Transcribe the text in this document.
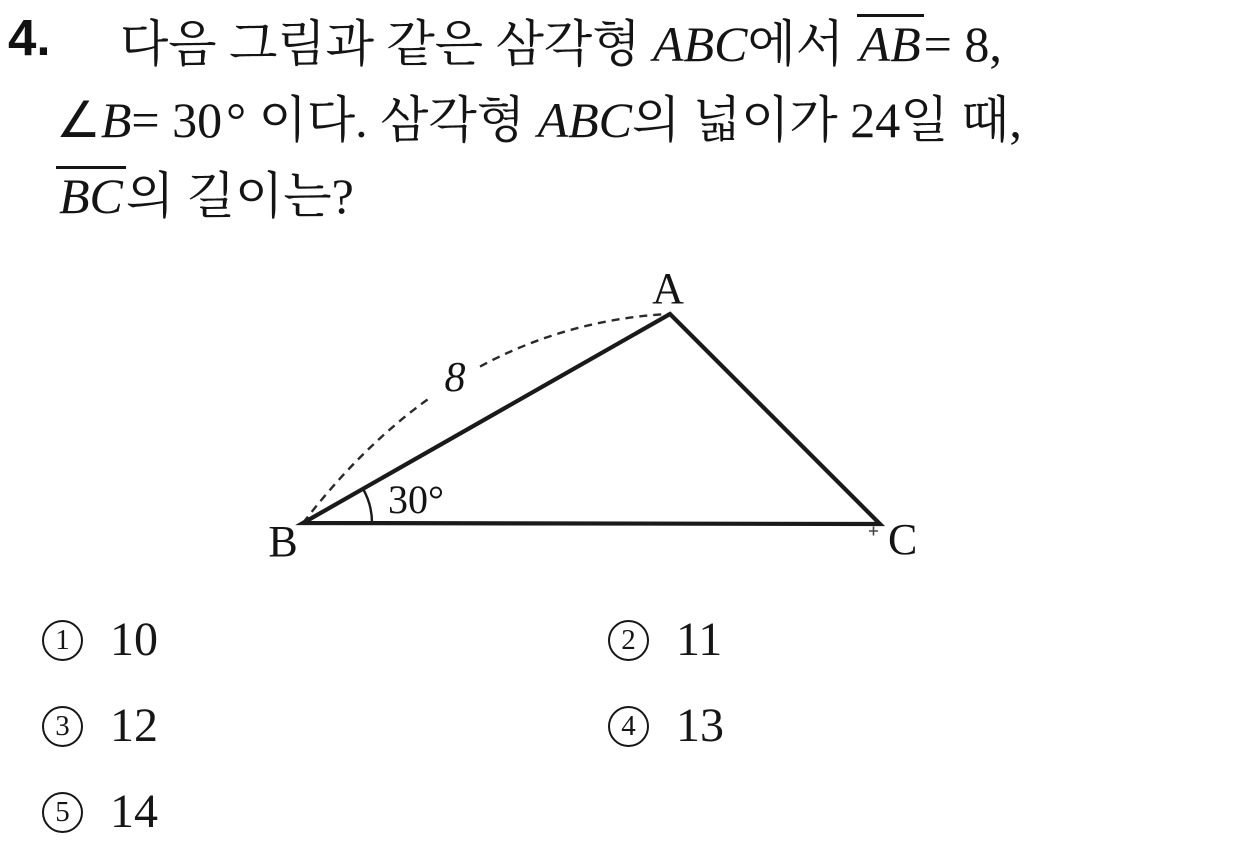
4.	다음 그림과 같은 삼각형 ABC에서 AB= 8,
∠B= 30° 이다. 삼각형 ABC의 넓이가 24일 때,
BC의 길이는?
8
30°
A
B	C
1 10	2 11
3 12	4 13
5 14
